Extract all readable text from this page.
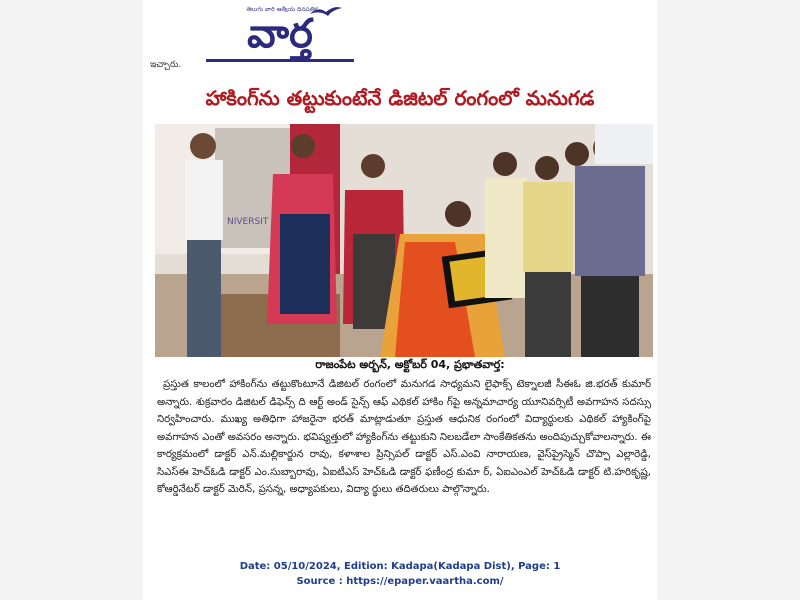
తెలుగు వారి ఆత్మీయ దినపత్రిక
వార్త
ఇచ్చారు.
హాకింగ్‌ను తట్టుకుంటేనే డిజిటల్ రంగంలో మనుగడ
NIVERSIT
రాజంపేట అర్బన్, అక్టోబర్ 04, ప్రభాతవార్త:

ప్రస్తుత కాలంలో హాకింగ్‌ను తట్టుకొంటూనే డిజిటల్ రంగంలో మనుగడ సాధ్యమని లైఫాక్స్ టెక్నాలజీ సీఈఓ జి.భరత్ కుమార్ అన్నారు. శుక్రవారం డిజిటల్ డిఫెన్స్ ది ఆర్ట్ అండ్ సైన్స్ ఆఫ్ ఎథికల్ హాకిం గ్‌పై అన్నమాచార్య యూనివర్సిటీ అవగాహన సదస్సు నిర్వహించారు. ముఖ్య అతిధిగా హాజరైనా భరత్ మాట్లాడుతూ ప్రస్తుత ఆధునిక రంగంలో విద్యార్థులకు ఎథికల్ హ్యాకింగ్‌పై అవగాహన ఎంతో అవసరం అన్నారు. భవిష్యత్తులో హ్యాకింగ్‌ను తట్టుకుని నిలబడేలా సాంకేతికతను అందిపుచ్చుకోవాలన్నారు. ఈ కార్యక్రమంలో డాక్టర్ ఎన్.మల్లికార్జున రావు, కళాశాల ప్రిన్సిపల్ డాక్టర్ ఎస్.ఎంవి నారాయణ, వైస్‌ప్రైస్మెన్ చొప్పా ఎల్లారెడ్డి, సిఎస్ఈ హెచ్‌ఓడి డాక్టర్ ఎం.సుబ్బారావు, ఏఐటీఎస్ హెచ్‌ఓడి డాక్టర్ ఫణీంద్ర కుమా ర్, ఏఐఎంఎల్ హెచ్‌ఓడి డాక్టర్ టి.హరికృష్ణ, కోఆర్డినేటర్ డాక్టర్ మెరిన్, ప్రసన్న, అధ్యాపకులు, విద్యా ర్థులు తదితరులు పాల్గొన్నారు.

Date: 05/10/2024, Edition: Kadapa(Kadapa Dist), Page: 1
Source : https://epaper.vaartha.com/
